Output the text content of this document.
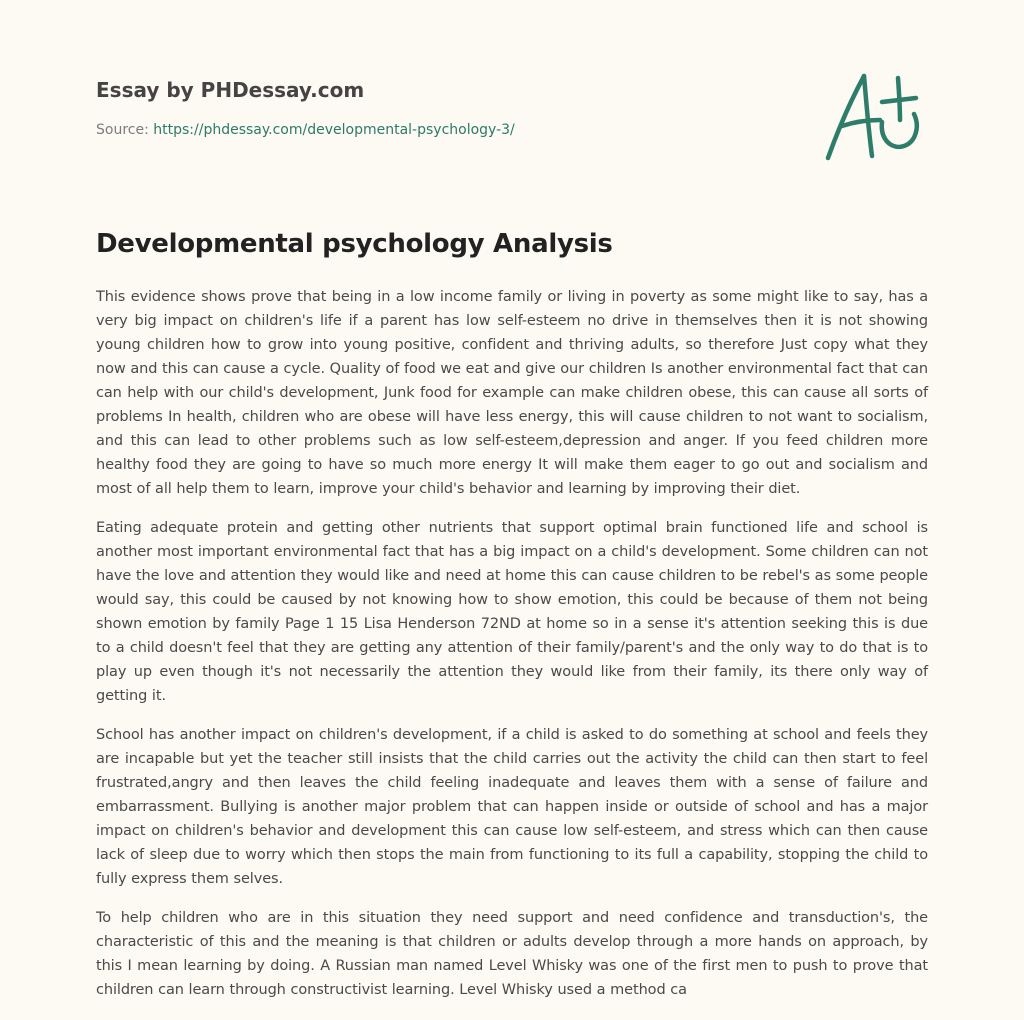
Essay by PHDessay.com
Source: https://phdessay.com/developmental-psychology-3/
Developmental psychology Analysis

This evidence shows prove that being in a low income family or living in poverty as some might like to say, has a very big impact on children's life if a parent has low self-esteem no drive in themselves then it is not showing young children how to grow into young positive, confident and thriving adults, so therefore Just copy what they now and this can cause a cycle. Quality of food we eat and give our children Is another environmental fact that can can help with our child's development, Junk food for example can make children obese, this can cause all sorts of problems In health, children who are obese will have less energy, this will cause children to not want to socialism, and this can lead to other problems such as low self-esteem,depression and anger. If you feed children more healthy food they are going to have so much more energy It will make them eager to go out and socialism and most of all help them to learn, improve your child's behavior and learning by improving their diet.

Eating adequate protein and getting other nutrients that support optimal brain functioned life and school is another most important environmental fact that has a big impact on a child's development. Some children can not have the love and attention they would like and need at home this can cause children to be rebel's as some people would say, this could be caused by not knowing how to show emotion, this could be because of them not being shown emotion by family Page 1 15 Lisa Henderson 72ND at home so in a sense it's attention seeking this is due to a child doesn't feel that they are getting any attention of their family/parent's and the only way to do that is to play up even though it's not necessarily the attention they would like from their family, its there only way of getting it.

School has another impact on children's development, if a child is asked to do something at school and feels they are incapable but yet the teacher still insists that the child carries out the activity the child can then start to feel frustrated,angry and then leaves the child feeling inadequate and leaves them with a sense of failure and embarrassment. Bullying is another major problem that can happen inside or outside of school and has a major impact on children's behavior and development this can cause low self-esteem, and stress which can then cause lack of sleep due to worry which then stops the main from functioning to its full a capability, stopping the child to fully express them selves.

To help children who are in this situation they need support and need confidence and transduction's, the characteristic of this and the meaning is that children or adults develop through a more hands on approach, by this I mean learning by doing. A Russian man named Level Whisky was one of the first men to push to prove that children can learn through constructivist learning. Level Whisky used a method ca
